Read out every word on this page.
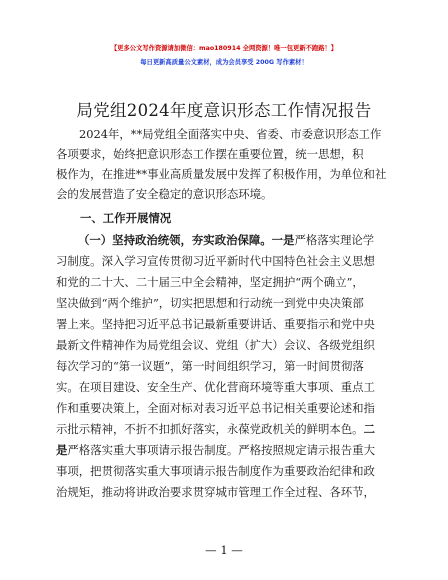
【更多公文写作资源请加微信：mao180914 全网资源！唯一包更新不跑路！】
每日更新高质量公文素材，成为会员享受 200G 写作素材！
局党组2024年度意识形态工作情况报告
2024年，**局党组全面落实中央、省委、市委意识形态工作
各项要求，始终把意识形态工作摆在重要位置，统一思想，积
极作为，在推进**事业高质量发展中发挥了积极作用，为单位和社
会的发展营造了安全稳定的意识形态环境。
一、工作开展情况
（一）坚持政治统领，夯实政治保障。一是严格落实理论学
习制度。深入学习宣传贯彻习近平新时代中国特色社会主义思想
和党的二十大、二十届三中全会精神，坚定拥护“两个确立”，
坚决做到“两个维护”，切实把思想和行动统一到党中央决策部
署上来。坚持把习近平总书记最新重要讲话、重要指示和党中央
最新文件精神作为局党组会议、党组（扩大）会议、各级党组织
每次学习的“第一议题”，第一时间组织学习，第一时间贯彻落
实。在项目建设、安全生产、优化营商环境等重大事项、重点工
作和重要决策上，全面对标对表习近平总书记相关重要论述和指
示批示精神，不折不扣抓好落实，永葆党政机关的鲜明本色。二
是严格落实重大事项请示报告制度。严格按照规定请示报告重大
事项，把贯彻落实重大事项请示报告制度作为重要政治纪律和政
治规矩，推动将讲政治要求贯穿城市管理工作全过程、各环节，
— 1 —
